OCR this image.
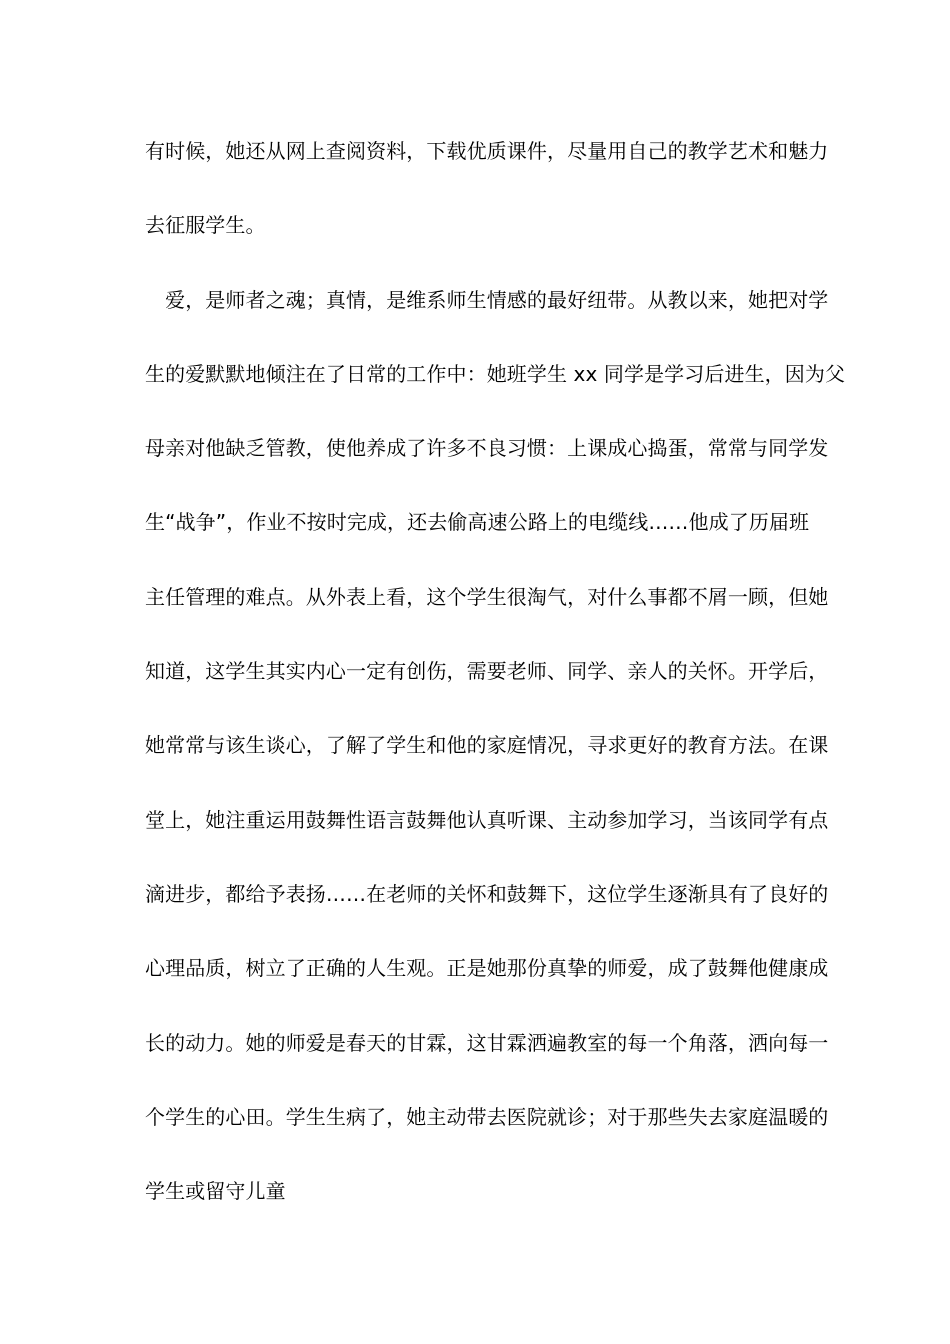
有时候，她还从网上查阅资料，下载优质课件，尽量用自己的教学艺术和魅力
去征服学生。
　爱，是师者之魂；真情，是维系师生情感的最好纽带。从教以来，她把对学
生的爱默默地倾注在了日常的工作中：她班学生 xx 同学是学习后进生，因为父
母亲对他缺乏管教，使他养成了许多不良习惯：上课成心捣蛋，常常与同学发
生“战争”，作业不按时完成，还去偷高速公路上的电缆线……他成了历届班
主任管理的难点。从外表上看，这个学生很淘气，对什么事都不屑一顾，但她
知道，这学生其实内心一定有创伤，需要老师、同学、亲人的关怀。开学后，
她常常与该生谈心，了解了学生和他的家庭情况，寻求更好的教育方法。在课
堂上，她注重运用鼓舞性语言鼓舞他认真听课、主动参加学习，当该同学有点
滴进步，都给予表扬……在老师的关怀和鼓舞下，这位学生逐渐具有了良好的
心理品质，树立了正确的人生观。正是她那份真挚的师爱，成了鼓舞他健康成
长的动力。她的师爱是春天的甘霖，这甘霖洒遍教室的每一个角落，洒向每一
个学生的心田。学生生病了，她主动带去医院就诊；对于那些失去家庭温暖的
学生或留守儿童
